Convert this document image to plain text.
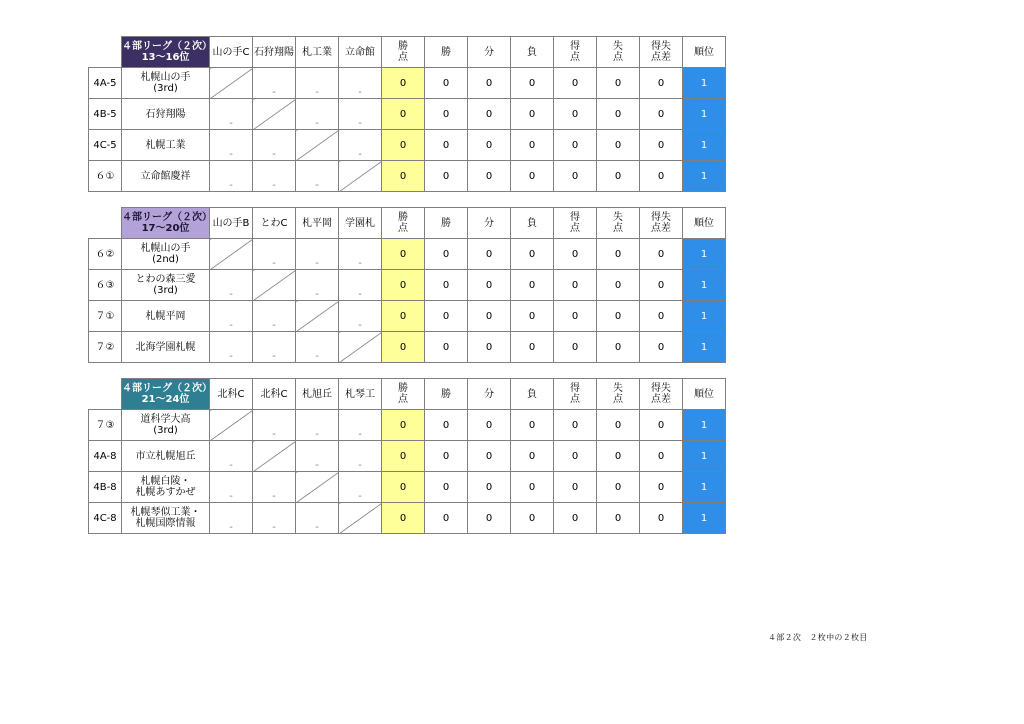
	４部リーグ（２次）
13～16位	山の手C	石狩翔陽	札工業	立命館	勝
点	勝	分	負	得
点	失
点	得失
点差	順位

4A-5	札幌山の手
(3rd)		-	-	-	0	0	0	0	0	0	0	1
4B-5	石狩翔陽	-		-	-	0	0	0	0	0	0	0	1
4C-5	札幌工業	-	-		-	0	0	0	0	0	0	0	1
６①	立命館慶祥	-	-	-		0	0	0	0	0	0	0	1

	４部リーグ（２次）
17～20位	山の手B	とわC	札平岡	学園札	勝
点	勝	分	負	得
点	失
点	得失
点差	順位

６②	札幌山の手
(2nd)		-	-	-	0	0	0	0	0	0	0	1
６③	とわの森三愛
(3rd)	-		-	-	0	0	0	0	0	0	0	1
７①	札幌平岡	-	-		-	0	0	0	0	0	0	0	1
７②	北海学園札幌	-	-	-		0	0	0	0	0	0	0	1

	４部リーグ（２次）
21～24位	北科C	北科C	札旭丘	札琴工	勝
点	勝	分	負	得
点	失
点	得失
点差	順位

７③	道科学大高
(3rd)		-	-	-	0	0	0	0	0	0	0	1
4A-8	市立札幌旭丘	-		-	-	0	0	0	0	0	0	0	1
4B-8	札幌白陵・
札幌あすかぜ	-	-		-	0	0	0	0	0	0	0	1
4C-8	札幌琴似工業・
札幌国際情報	-	-	-		0	0	0	0	0	0	0	1
４部２次　２枚中の２枚目
